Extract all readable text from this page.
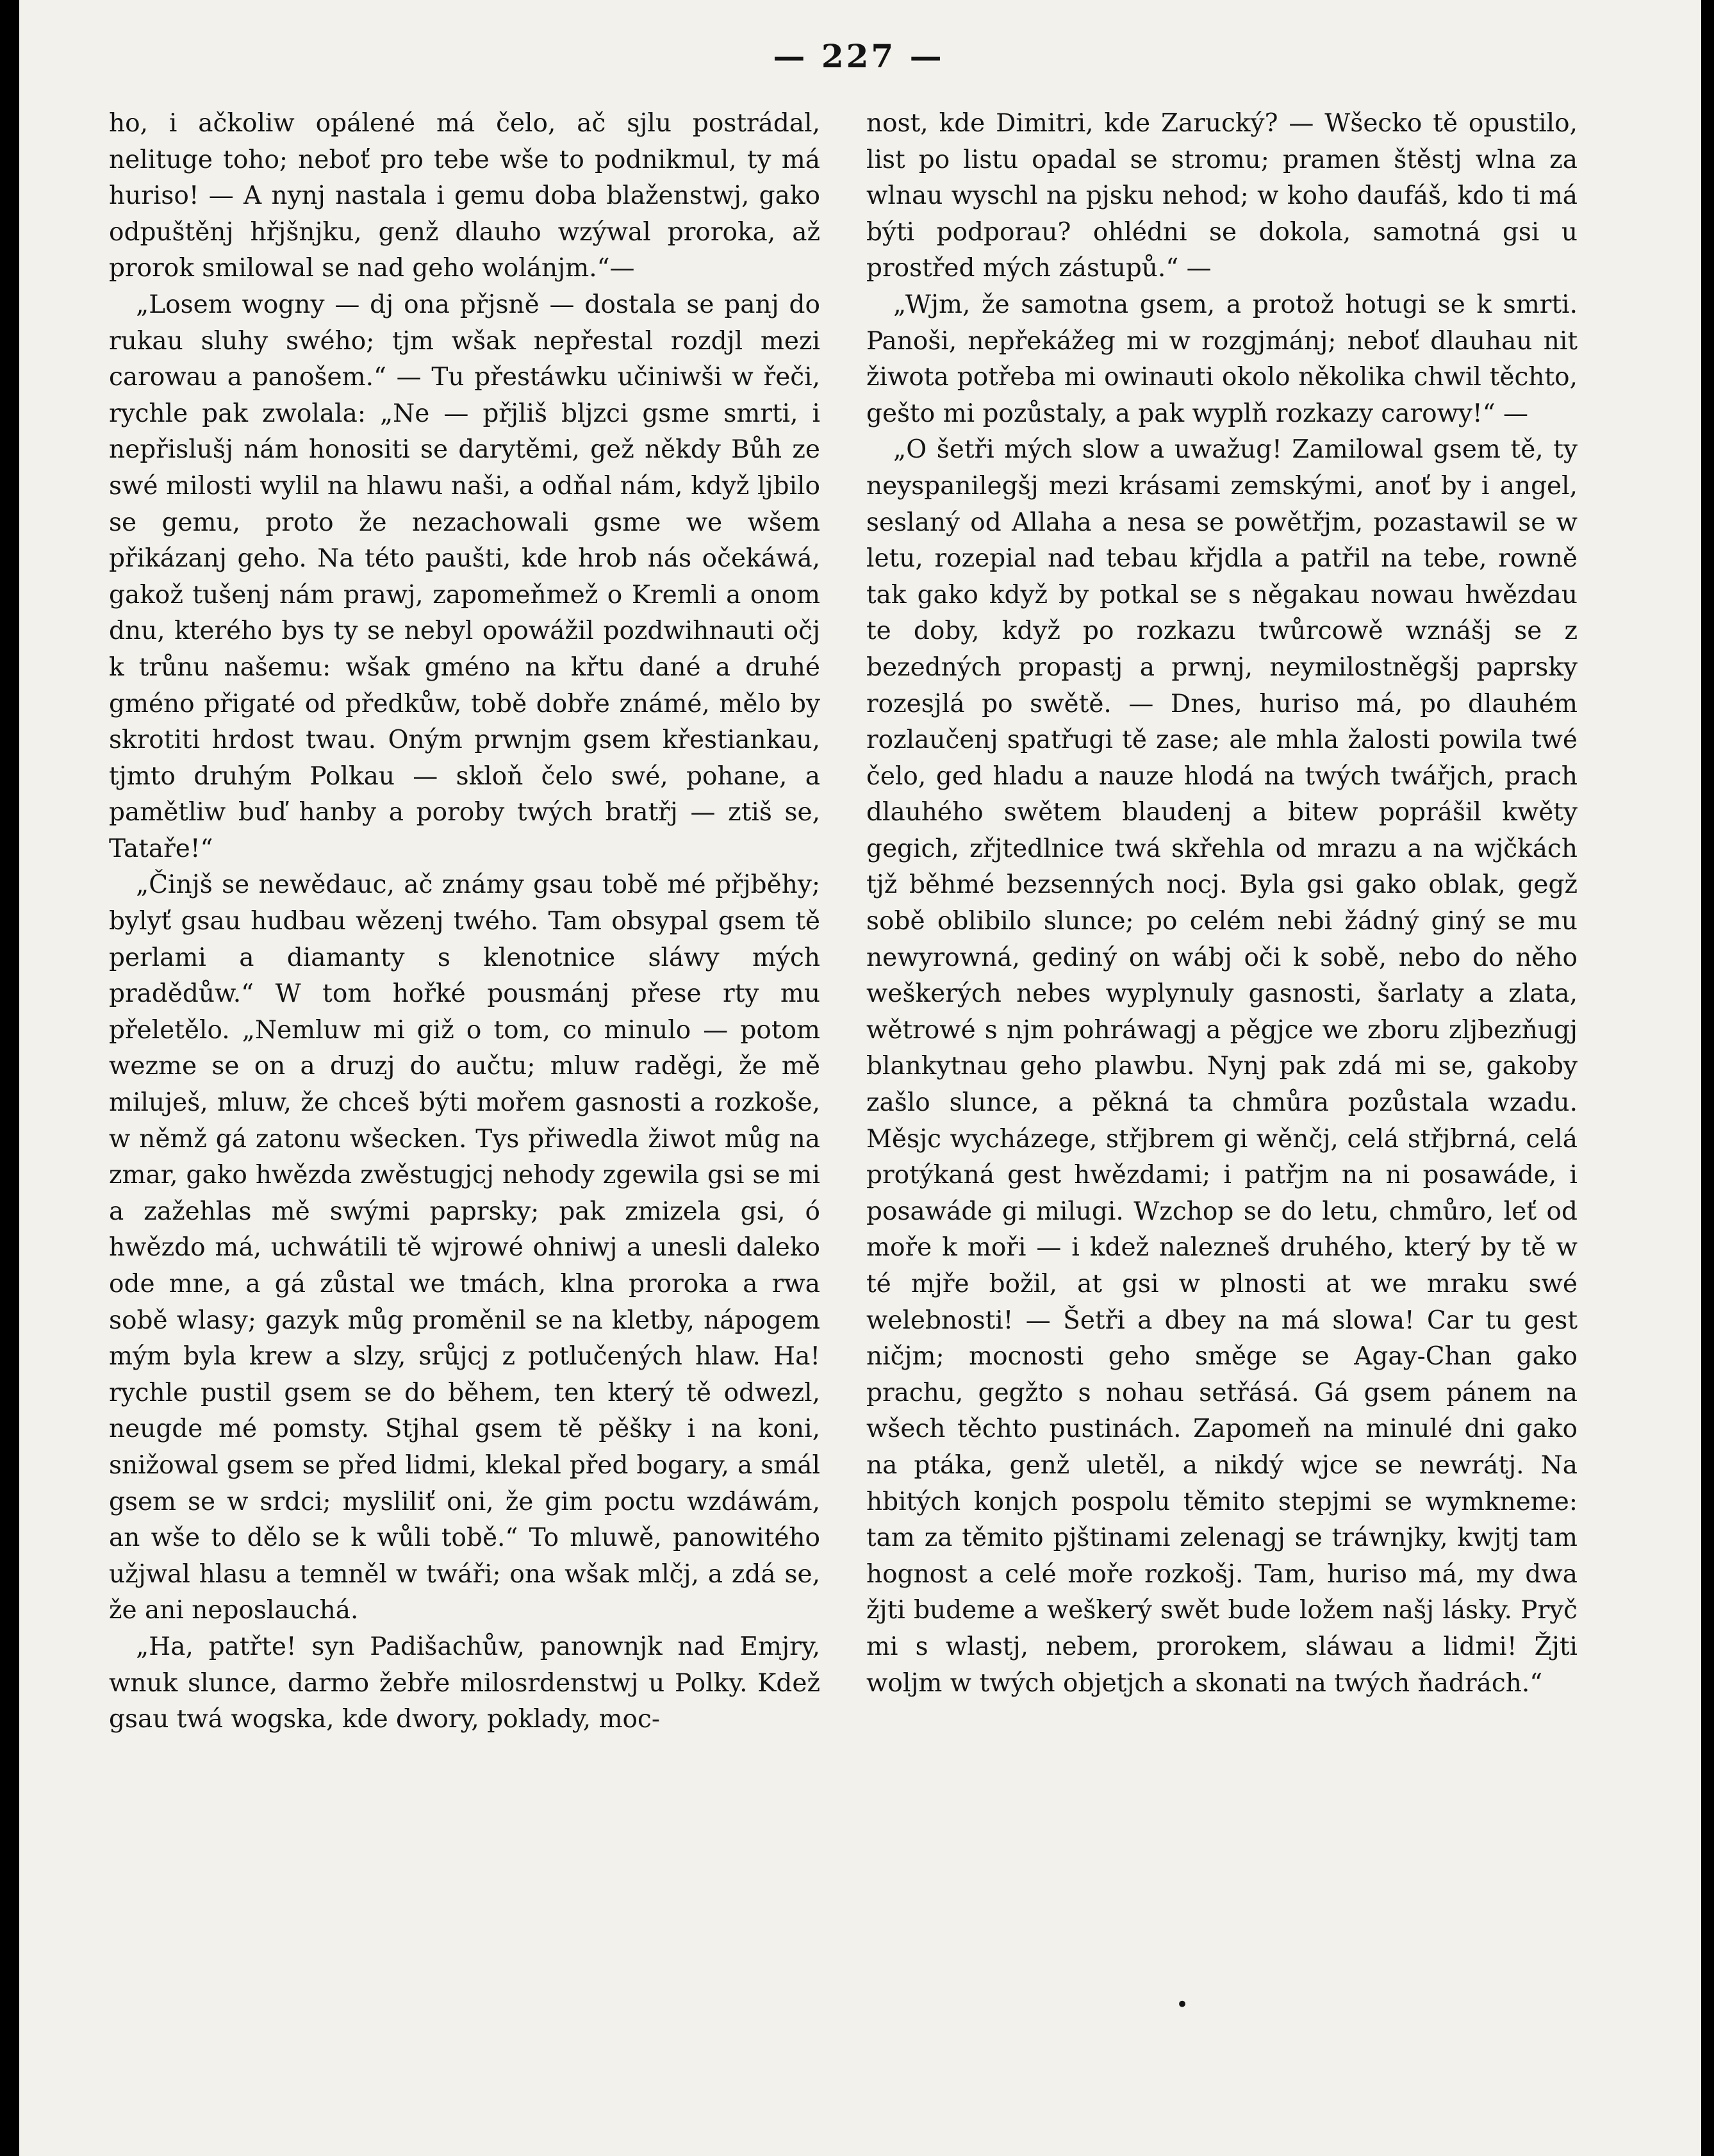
— 227 —

ho, i ačkoliw opálené má čelo, ač sjlu postrádal, nelituge toho; neboť pro tebe wše to podnikmul, ty má huriso! — A nynj nastala i gemu doba blaženstwj, gako odpuštěnj hřjšnjku, genž dlauho wzýwal proroka, až prorok smilowal se nad geho wolánjm.“—

„Losem wogny — dj ona přjsně — dostala se panj do rukau sluhy swého; tjm wšak nepřestal rozdjl mezi carowau a panošem.“ — Tu přestáwku učiniwši w řeči, rychle pak zwolala: „Ne — přjliš bljzci gsme smrti, i nepřislušj nám honositi se darytěmi, gež někdy Bůh ze swé milosti wylil na hlawu naši, a odňal nám, když ljbilo se gemu, proto že nezachowali gsme we wšem přikázanj geho. Na této paušti, kde hrob nás očekáwá, gakož tušenj nám prawj, zapomeňmež o Kremli a onom dnu, kterého bys ty se nebyl opowážil pozdwihnauti očj k trůnu našemu: wšak gméno na křtu dané a druhé gméno přigaté od předkůw, tobě dobře známé, mělo by skrotiti hrdost twau. Oným prwnjm gsem křestiankau, tjmto druhým Polkau — skloň čelo swé, pohane, a pamětliw buď hanby a poroby twých bratřj — ztiš se, Tataře!“

„Činjš se newědauc, ač známy gsau tobě mé přjběhy; bylyť gsau hudbau wězenj twého. Tam obsypal gsem tě perlami a diamanty s klenotnice sláwy mých pradědůw.“ W tom hořké pousmánj přese rty mu přeletělo. „Nemluw mi giž o tom, co minulo — potom wezme se on a druzj do aučtu; mluw raděgi, že mě miluješ, mluw, že chceš býti mořem gasnosti a rozkoše, w němž gá zatonu wšecken. Tys přiwedla žiwot můg na zmar, gako hwězda zwěstugjcj nehody zgewila gsi se mi a zažehlas mě swými paprsky; pak zmizela gsi, ó hwězdo má, uchwátili tě wjrowé ohniwj a unesli daleko ode mne, a gá zůstal we tmách, klna proroka a rwa sobě wlasy; gazyk můg proměnil se na kletby, nápogem mým byla krew a slzy, srůjcj z potlučených hlaw. Ha! rychle pustil gsem se do během, ten který tě odwezl, neugde mé pomsty. Stjhal gsem tě pěšky i na koni, snižowal gsem se před lidmi, klekal před bogary, a smál gsem se w srdci; mysliliť oni, že gim poctu wzdáwám, an wše to dělo se k wůli tobě.“ To mluwě, panowitého užjwal hlasu a temněl w twáři; ona wšak mlčj, a zdá se, že ani neposlauchá.

„Ha, patřte! syn Padišachůw, panownjk nad Emjry, wnuk slunce, darmo žebře milosrdenstwj u Polky. Kdež gsau twá wogska, kde dwory, poklady, moc-

nost, kde Dimitri, kde Zarucký? — Wšecko tě opustilo, list po listu opadal se stromu; pramen štěstj wlna za wlnau wyschl na pjsku nehod; w koho daufáš, kdo ti má býti podporau? ohlédni se dokola, samotná gsi u prostřed mých zástupů.“ —

„Wjm, že samotna gsem, a protož hotugi se k smrti. Panoši, nepřekážeg mi w rozgjmánj; neboť dlauhau nit žiwota potřeba mi owinauti okolo několika chwil těchto, gešto mi pozůstaly, a pak wyplň rozkazy carowy!“ —

„O šetři mých slow a uwažug! Zamilowal gsem tě, ty neyspanilegšj mezi krásami zemskými, anoť by i angel, seslaný od Allaha a nesa se powětřjm, pozastawil se w letu, rozepial nad tebau křjdla a patřil na tebe, rowně tak gako když by potkal se s něgakau nowau hwězdau te doby, když po rozkazu twůrcowě wznášj se z bezedných propastj a prwnj, neymilostněgšj paprsky rozesjlá po swětě. — Dnes, huriso má, po dlauhém rozlaučenj spatřugi tě zase; ale mhla žalosti powila twé čelo, ged hladu a nauze hlodá na twých twářjch, prach dlauhého swětem blaudenj a bitew poprášil kwěty gegich, zřjtedlnice twá skřehla od mrazu a na wjčkách tjž běhmé bezsenných nocj. Byla gsi gako oblak, gegž sobě oblibilo slunce; po celém nebi žádný giný se mu newyrowná, gediný on wábj oči k sobě, nebo do něho weškerých nebes wyplynuly gasnosti, šarlaty a zlata, wětrowé s njm pohráwagj a pěgjce we zboru zljbezňugj blankytnau geho plawbu. Nynj pak zdá mi se, gakoby zašlo slunce, a pěkná ta chmůra pozůstala wzadu. Měsjc wycházege, střjbrem gi wěnčj, celá střjbrná, celá protýkaná gest hwězdami; i patřjm na ni posawáde, i posawáde gi milugi. Wzchop se do letu, chmůro, leť od moře k moři — i kdež nalezneš druhého, který by tě w té mjře božil, at gsi w plnosti at we mraku swé welebnosti! — Šetři a dbey na má slowa! Car tu gest ničjm; mocnosti geho směge se Agay-Chan gako prachu, gegžto s nohau setřásá. Gá gsem pánem na wšech těchto pustinách. Zapomeň na minulé dni gako na ptáka, genž uletěl, a nikdý wjce se newrátj. Na hbitých konjch pospolu těmito stepjmi se wymkneme: tam za těmito pjštinami zelenagj se tráwnjky, kwjtj tam hognost a celé moře rozkošj. Tam, huriso má, my dwa žjti budeme a weškerý swět bude ložem našj lásky. Pryč mi s wlastj, nebem, prorokem, sláwau a lidmi! Žjti woljm w twých objetjch a skonati na twých ňadrách.“

•
